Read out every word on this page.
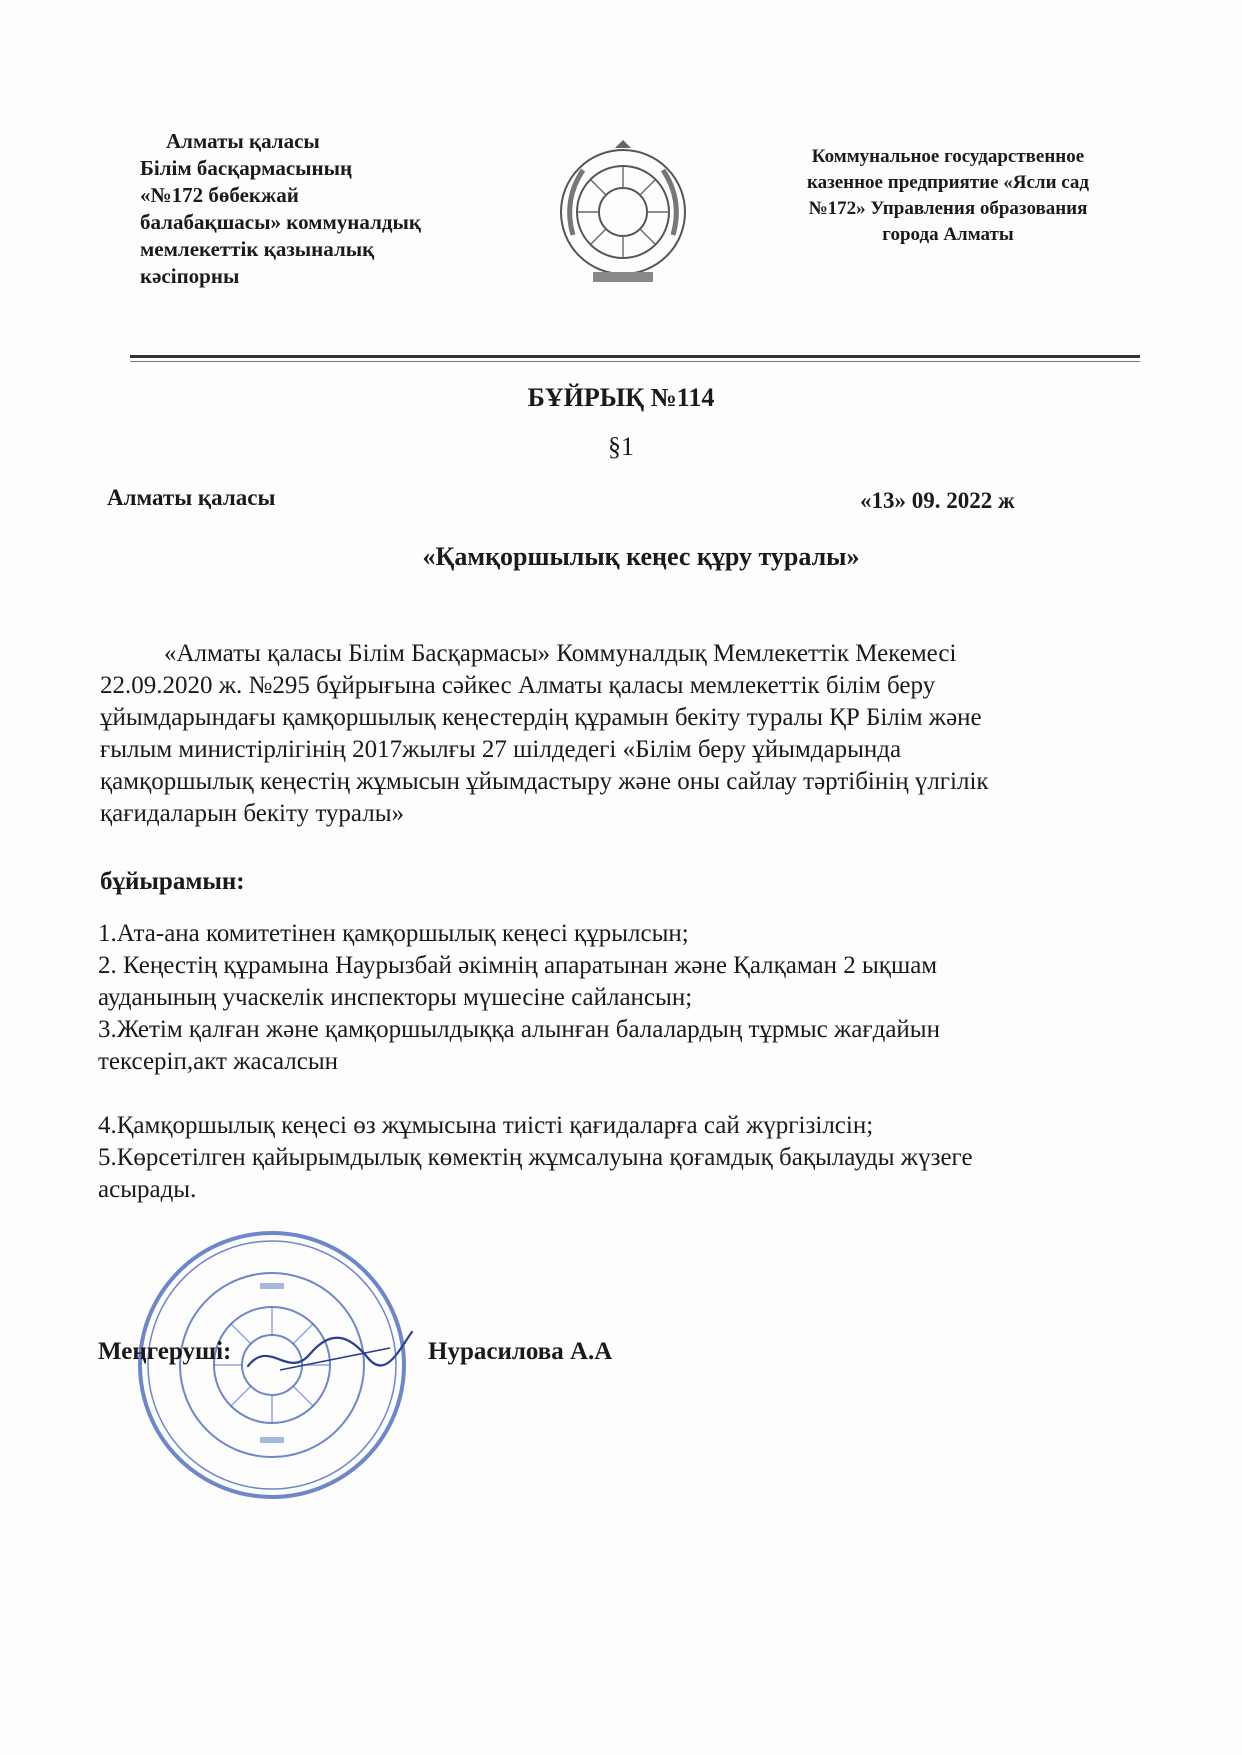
Алматы қаласы
Білім басқармасының
«№172 бөбекжай
балабақшасы» коммуналдық
мемлекеттік қазыналық
кәсіпорны
Коммунальное государственное
казенное предприятие «Ясли сад
№172» Управления образования
города Алматы
БҰЙРЫҚ №114
§1
Алматы қаласы	«13» 09. 2022 ж
«Қамқоршылық кеңес құру туралы»
«Алматы қаласы Білім Басқармасы» Коммуналдық Мемлекеттік Мекемесі
22.09.2020 ж. №295 бұйрығына сәйкес Алматы қаласы мемлекеттік білім беру
ұйымдарындағы қамқоршылық кеңестердің құрамын бекіту туралы ҚР Білім және
ғылым министірлігінің 2017жылғы 27 шілдедегі «Білім беру ұйымдарында
қамқоршылық кеңестің жұмысын ұйымдастыру және оны сайлау тәртібінің үлгілік
қағидаларын бекіту туралы»
бұйырамын:
1.Ата-ана комитетінен қамқоршылық кеңесі құрылсын;
2. Кеңестің құрамына Наурызбай әкімнің апаратынан және Қалқаман 2 ықшам
ауданының учаскелік инспекторы мүшесіне сайлансын;
3.Жетім қалған және қамқоршылдыққа алынған балалардың тұрмыс жағдайын
тексеріп,акт жасалсын
4.Қамқоршылық кеңесі өз жұмысына тиісті қағидаларға сай жүргізілсін;
5.Көрсетілген қайырымдылық көмектің жұмсалуына қоғамдық бақылауды жүзеге
асырады.
Меңгеруші:	Нурасилова А.А
